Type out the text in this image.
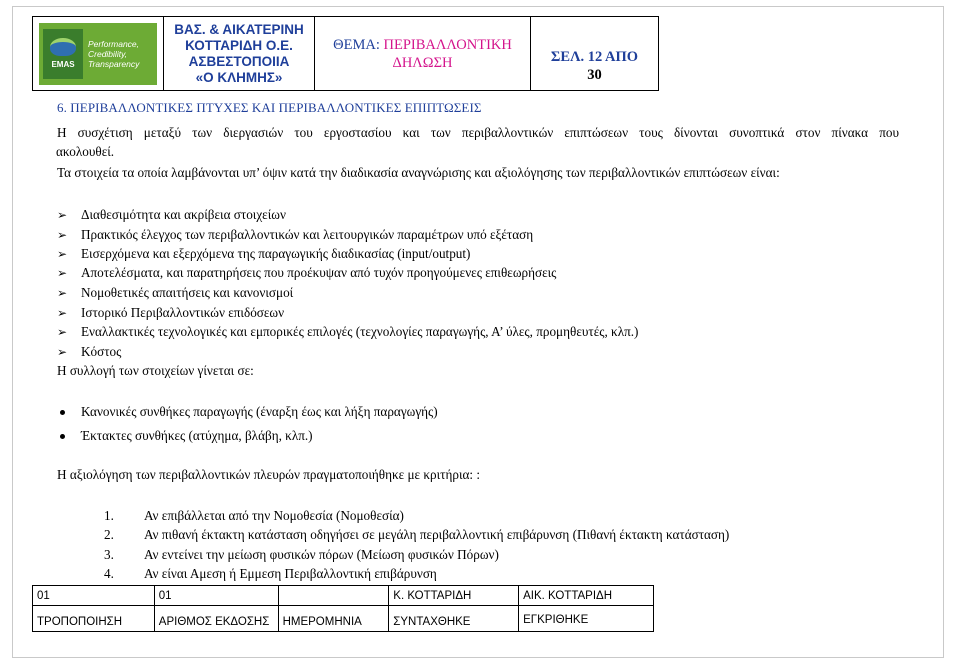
EMAS
Performance,
Credibility,
Transparency

ΒΑΣ. & ΑΙΚΑΤΕΡΙΝΗ
ΚΟΤΤΑΡΙΔΗ Ο.Ε.
ΑΣΒΕΣΤΟΠΟΙΙΑ
«Ο ΚΛΗΜΗΣ»

ΘΕΜΑ: ΠΕΡΙΒΑΛΛΟΝΤΙΚΗ
ΔΗΛΩΣΗ	ΣΕΛ. 12 ΑΠΟ
30
6. ΠΕΡΙΒΑΛΛΟΝΤΙΚΕΣ ΠΤΥΧΕΣ ΚΑΙ ΠΕΡΙΒΑΛΛΟΝΤΙΚΕΣ ΕΠΙΠΤΩΣΕΙΣ
Η συσχέτιση μεταξύ των διεργασιών του εργοστασίου και των περιβαλλοντικών επιπτώσεων τους δίνονται συνοπτικά στον πίνακα που
ακολουθεί.
Τα στοιχεία τα οποία λαμβάνονται υπ’ όψιν κατά την διαδικασία αναγνώρισης και αξιολόγησης των περιβαλλοντικών επιπτώσεων είναι:
➢ Διαθεσιμότητα και ακρίβεια στοιχείων
➢ Πρακτικός έλεγχος των περιβαλλοντικών και λειτουργικών παραμέτρων υπό εξέταση
➢ Εισερχόμενα και εξερχόμενα της παραγωγικής διαδικασίας (input/output)
➢ Αποτελέσματα, και παρατηρήσεις που προέκυψαν από τυχόν προηγούμενες επιθεωρήσεις
➢ Νομοθετικές απαιτήσεις και κανονισμοί
➢ Ιστορικό Περιβαλλοντικών επιδόσεων
➢ Εναλλακτικές τεχνολογικές και εμπορικές επιλογές (τεχνολογίες παραγωγής, Α’ ύλες, προμηθευτές, κλπ.)
➢ Κόστος
Η συλλογή των στοιχείων γίνεται σε:
Κανονικές συνθήκες παραγωγής (έναρξη έως και λήξη παραγωγής)
Έκτακτες συνθήκες (ατύχημα, βλάβη, κλπ.)
Η αξιολόγηση των περιβαλλοντικών πλευρών πραγματοποιήθηκε με κριτήρια: :
1. Αν επιβάλλεται από την Νομοθεσία (Νομοθεσία)
2. Αν πιθανή έκτακτη κατάσταση οδηγήσει σε μεγάλη περιβαλλοντική επιβάρυνση (Πιθανή έκτακτη κατάσταση)
3. Αν εντείνει την μείωση φυσικών πόρων (Μείωση φυσικών Πόρων)
4. Αν είναι Αμεση ή Εμμεση Περιβαλλοντική επιβάρυνση
01	01		Κ. ΚΟΤΤΑΡΙΔΗ	ΑΙΚ. ΚΟΤΤΑΡΙΔΗ
ΤΡΟΠΟΠΟΙΗΣΗ	ΑΡΙΘΜΟΣ ΕΚΔΟΣΗΣ	ΗΜΕΡΟΜΗΝΙΑ	ΣΥΝΤΑΧΘΗΚΕ	ΕΓΚΡΙΘΗΚΕ
